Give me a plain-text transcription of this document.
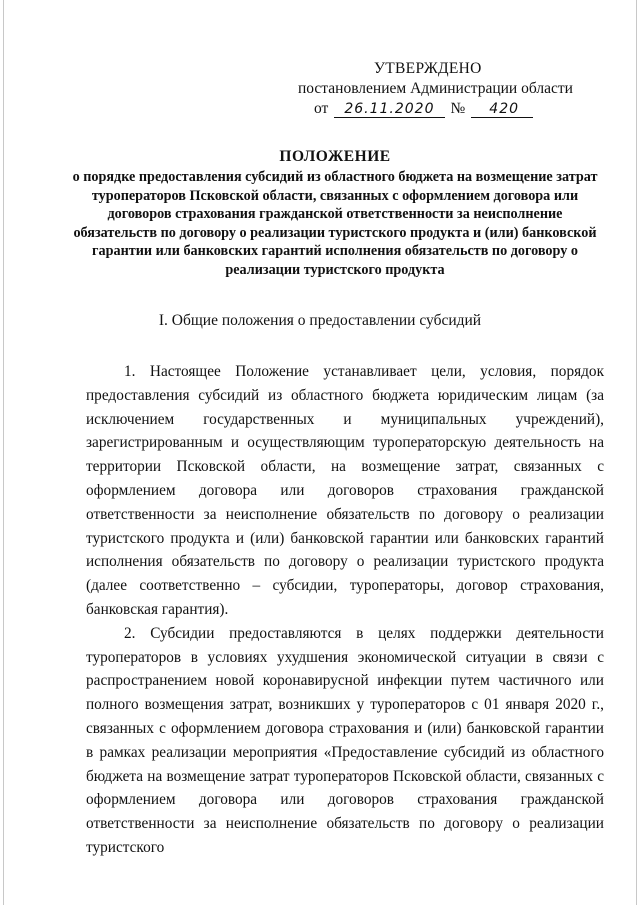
УТВЕРЖДЕНО
постановлением Администрации области
от	26.11.2020	№	420
ПОЛОЖЕНИЕ
о порядке предоставления субсидий из областного бюджета на возмещение затрат туроператоров Псковской области, связанных с оформлением договора или договоров страхования гражданской ответственности за неисполнение обязательств по договору о реализации туристского продукта и (или) банковской гарантии или банковских гарантий исполнения обязательств по договору о реализации туристского продукта
I. Общие положения о предоставлении субсидий

1. Настоящее Положение устанавливает цели, условия, порядок предоставления субсидий из областного бюджета юридическим лицам (за исключением государственных и муниципальных учреждений), зарегистрированным и осуществляющим туроператорскую деятельность на территории Псковской области, на возмещение затрат, связанных с оформлением договора или договоров страхования гражданской ответственности за неисполнение обязательств по договору о реализации туристского продукта и (или) банковской гарантии или банковских гарантий исполнения обязательств по договору о реализации туристского продукта (далее соответственно – субсидии, туроператоры, договор страхования, банковская гарантия).

2. Субсидии предоставляются в целях поддержки деятельности туроператоров в условиях ухудшения экономической ситуации в связи с распространением новой коронавирусной инфекции путем частичного или полного возмещения затрат, возникших у туроператоров с 01 января 2020 г., связанных с оформлением договора страхования и (или) банковской гарантии в рамках реализации мероприятия «Предоставление субсидий из областного бюджета на возмещение затрат туроператоров Псковской области, связанных с оформлением договора или договоров страхования гражданской ответственности за неисполнение обязательств по договору о реализации туристского
